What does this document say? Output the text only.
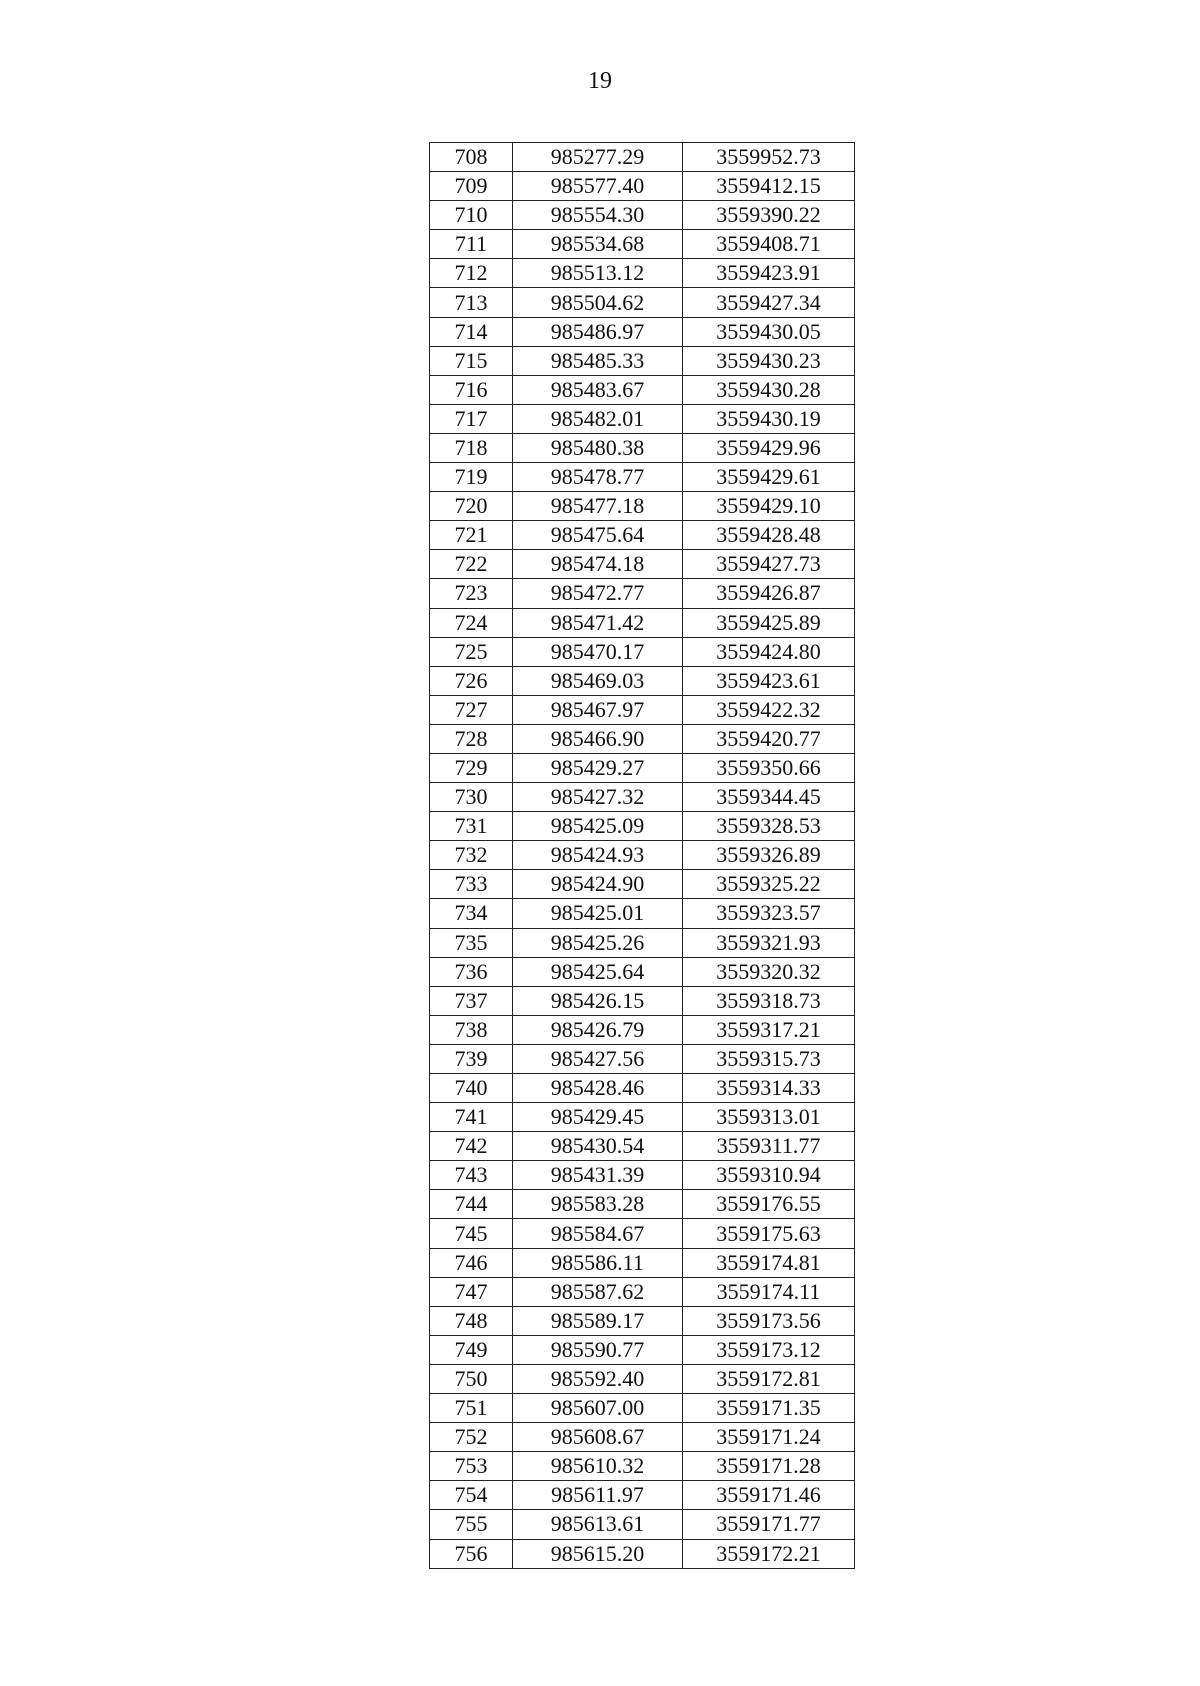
19
708	985277.29	3559952.73
709	985577.40	3559412.15
710	985554.30	3559390.22
711	985534.68	3559408.71
712	985513.12	3559423.91
713	985504.62	3559427.34
714	985486.97	3559430.05
715	985485.33	3559430.23
716	985483.67	3559430.28
717	985482.01	3559430.19
718	985480.38	3559429.96
719	985478.77	3559429.61
720	985477.18	3559429.10
721	985475.64	3559428.48
722	985474.18	3559427.73
723	985472.77	3559426.87
724	985471.42	3559425.89
725	985470.17	3559424.80
726	985469.03	3559423.61
727	985467.97	3559422.32
728	985466.90	3559420.77
729	985429.27	3559350.66
730	985427.32	3559344.45
731	985425.09	3559328.53
732	985424.93	3559326.89
733	985424.90	3559325.22
734	985425.01	3559323.57
735	985425.26	3559321.93
736	985425.64	3559320.32
737	985426.15	3559318.73
738	985426.79	3559317.21
739	985427.56	3559315.73
740	985428.46	3559314.33
741	985429.45	3559313.01
742	985430.54	3559311.77
743	985431.39	3559310.94
744	985583.28	3559176.55
745	985584.67	3559175.63
746	985586.11	3559174.81
747	985587.62	3559174.11
748	985589.17	3559173.56
749	985590.77	3559173.12
750	985592.40	3559172.81
751	985607.00	3559171.35
752	985608.67	3559171.24
753	985610.32	3559171.28
754	985611.97	3559171.46
755	985613.61	3559171.77
756	985615.20	3559172.21
